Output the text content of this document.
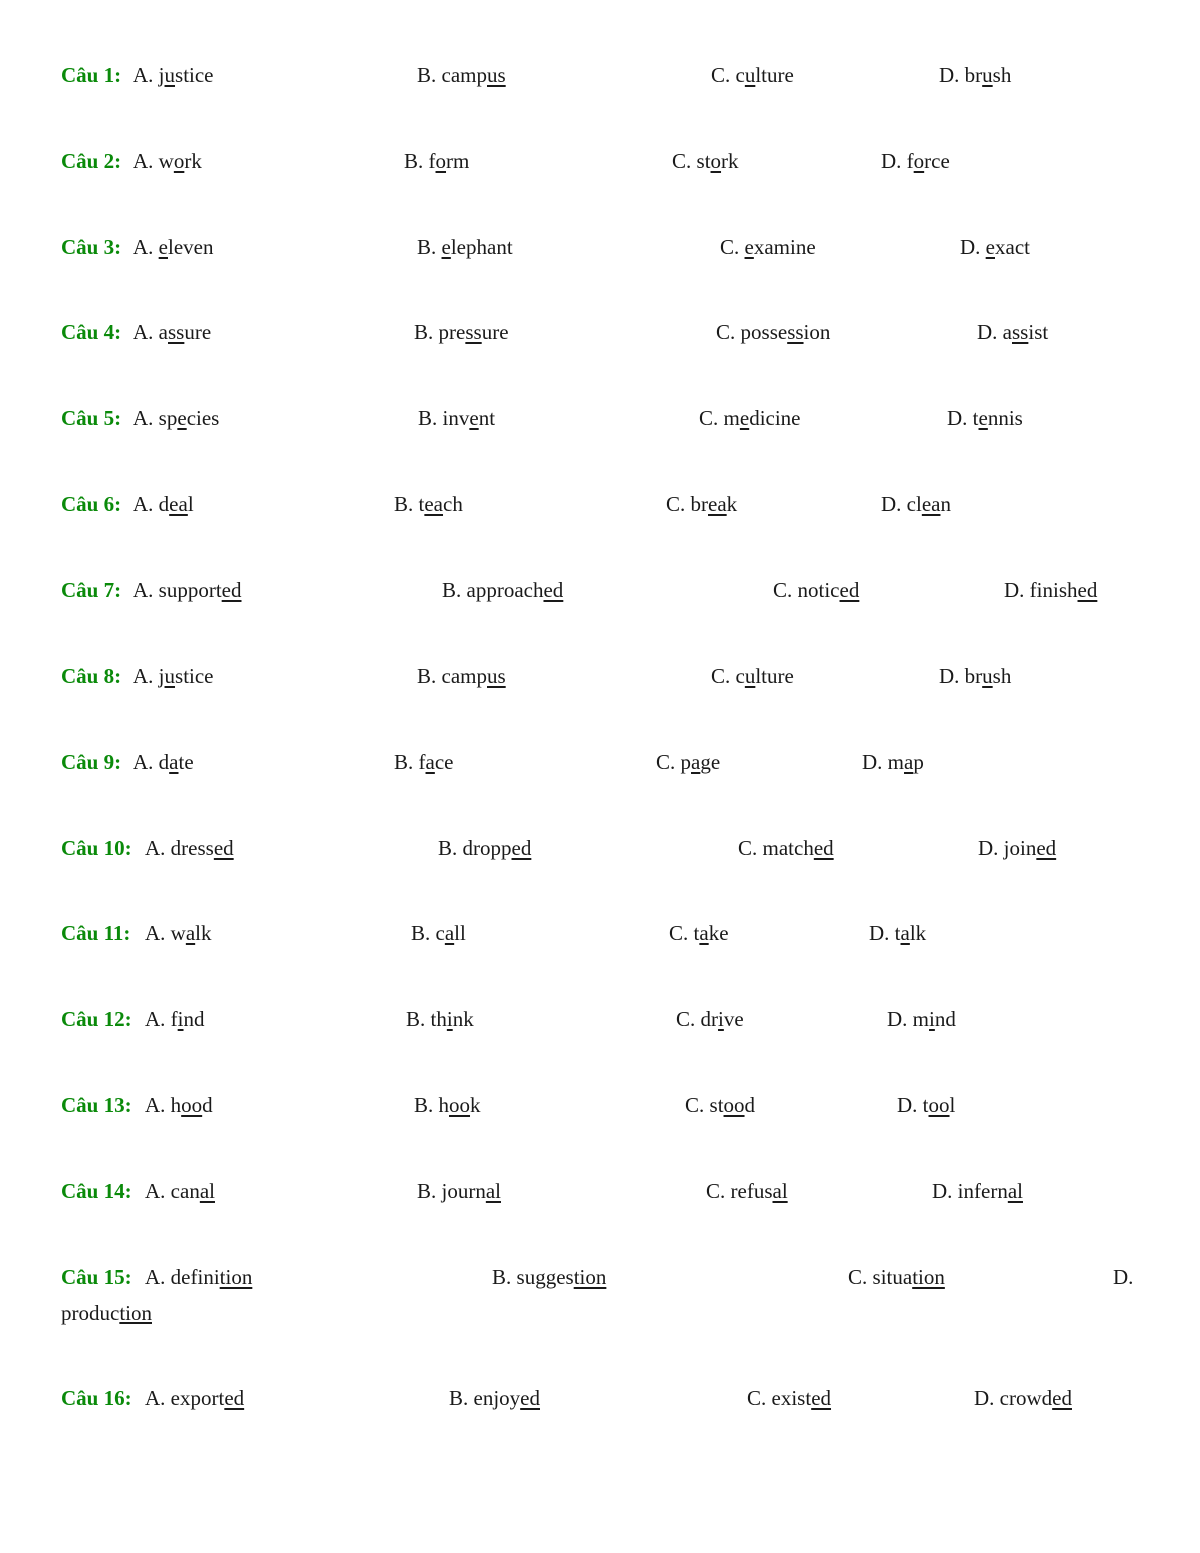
Câu 1: A. justice	B. campus	C. culture	D. brush
Câu 2: A. work	B. form	C. stork	D. force
Câu 3: A. eleven	B. elephant	C. examine	D. exact
Câu 4: A. assure	B. pressure	C. possession	D. assist
Câu 5: A. species	B. invent	C. medicine	D. tennis
Câu 6: A. deal	B. teach	C. break	D. clean
Câu 7: A. supported	B. approached	C. noticed	D. finished
Câu 8: A. justice	B. campus	C. culture	D. brush
Câu 9: A. date	B. face	C. page	D. map
Câu 10: A. dressed	B. dropped	C. matched	D. joined
Câu 11: A. walk	B. call	C. take	D. talk
Câu 12: A. find	B. think	C. drive	D. mind
Câu 13: A. hood	B. hook	C. stood	D. tool
Câu 14: A. canal	B. journal	C. refusal	D. infernal
Câu 15: A. definition	B. suggestion	C. situation	D.
production
Câu 16: A. exported	B. enjoyed	C. existed	D. crowded
